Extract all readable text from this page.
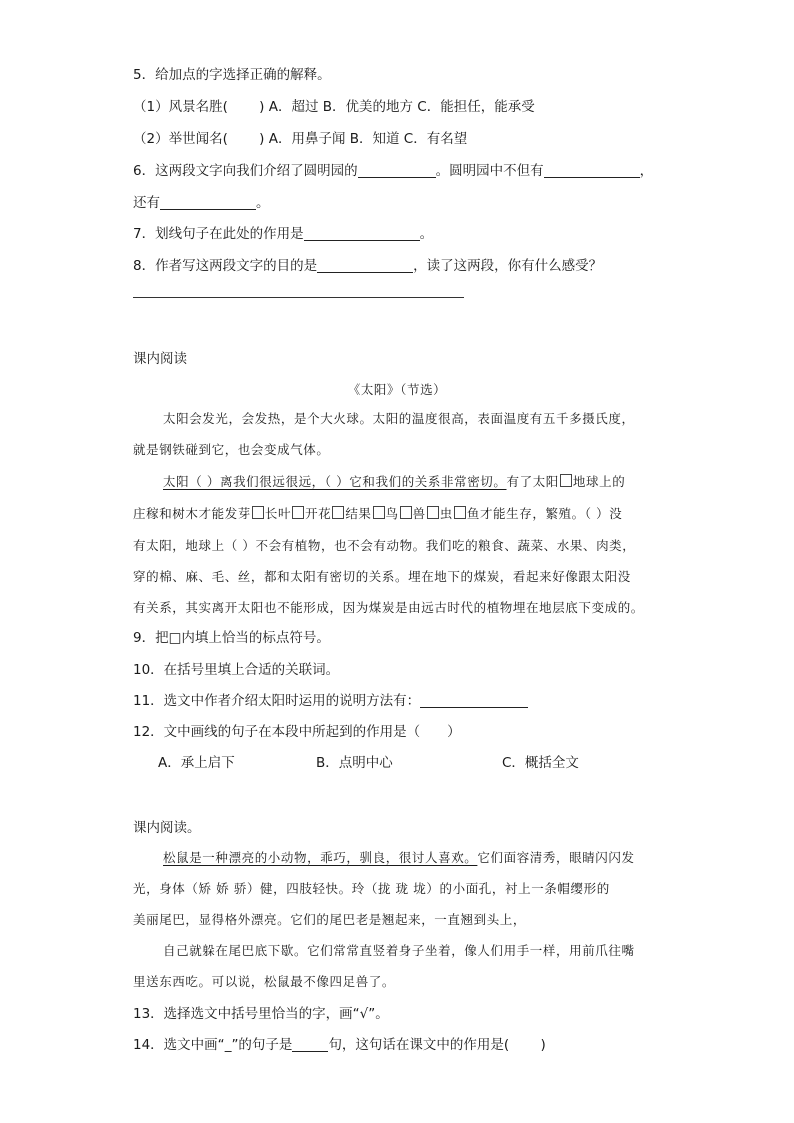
5．给加点的字选择正确的解释。
（1）风景名胜(　　 ) A．超过 B．优美的地方 C．能担任，能承受
（2）举世闻名(　　 ) A．用鼻子闻 B．知道 C．有名望
6．这两段文字向我们介绍了圆明园的	。圆明园中不但有	，
还有	。
7．划线句子在此处的作用是	。
8．作者写这两段文字的目的是	，读了这两段，你有什么感受？
课内阅读
《太阳》（节选）
太阳会发光，会发热，是个大火球。太阳的温度很高，表面温度有五千多摄氏度，
就是钢铁碰到它，也会变成气体。
太阳（ ）离我们很远很远，（ ）它和我们的关系非常密切。有了太阳 地球上的
庄稼和树木才能发芽 长叶 开花 结果 鸟 兽 虫 鱼才能生存，繁殖。（ ）没
有太阳，地球上（ ）不会有植物，也不会有动物。我们吃的粮食、蔬菜、水果、肉类，
穿的棉、麻、毛、丝，都和太阳有密切的关系。埋在地下的煤炭，看起来好像跟太阳没
有关系，其实离开太阳也不能形成，因为煤炭是由远古时代的植物埋在地层底下变成的。
9．把□内填上恰当的标点符号。
10．在括号里填上合适的关联词。
11．选文中作者介绍太阳时运用的说明方法有：
12．文中画线的句子在本段中所起到的作用是（　　）
A．承上启下	B．点明中心	C．概括全文
课内阅读。
松鼠是一种漂亮的小动物，乖巧，驯良，很讨人喜欢。它们面容清秀，眼睛闪闪发
光，身体（矫 娇 骄）健，四肢轻快。玲（拢 珑 垅）的小面孔，衬上一条帽缨形的
美丽尾巴，显得格外漂亮。它们的尾巴老是翘起来，一直翘到头上，
自己就躲在尾巴底下歇。它们常常直竖着身子坐着，像人们用手一样，用前爪往嘴
里送东西吃。可以说，松鼠最不像四足兽了。
13．选择选文中括号里恰当的字，画“√”。
14．选文中画“_”的句子是	句，这句话在课文中的作用是(　　 )
